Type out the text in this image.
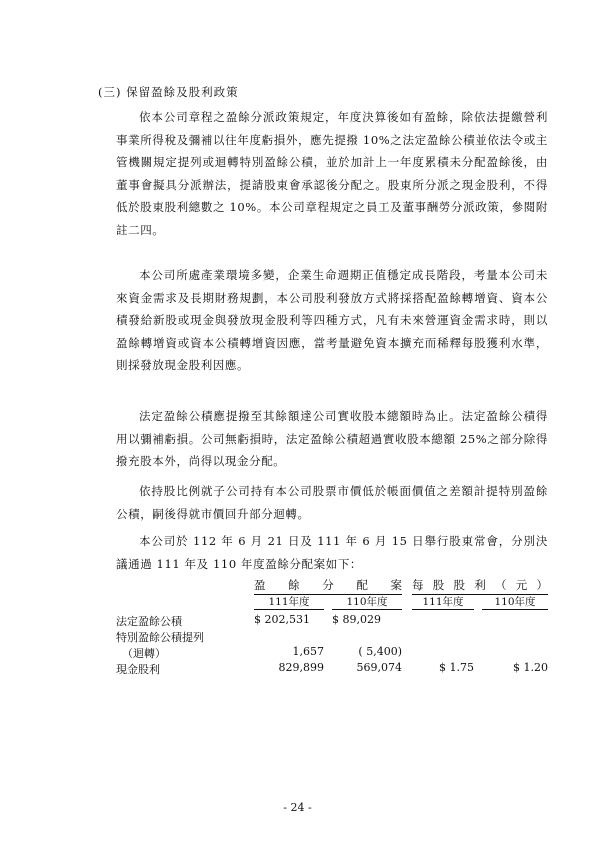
(三) 保留盈餘及股利政策

依本公司章程之盈餘分派政策規定，年度決算後如有盈餘，除依法提繳營利事業所得稅及彌補以往年度虧損外，應先提撥 10%之法定盈餘公積並依法令或主管機關規定提列或迴轉特別盈餘公積，並於加計上一年度累積未分配盈餘後，由董事會擬具分派辦法，提請股東會承認後分配之。股東所分派之現金股利，不得低於股東股利總數之 10%。本公司章程規定之員工及董事酬勞分派政策，參閱附註二四。

本公司所處產業環境多變，企業生命週期正值穩定成長階段，考量本公司未來資金需求及長期財務規劃，本公司股利發放方式將採搭配盈餘轉增資、資本公積發給新股或現金與發放現金股利等四種方式，凡有未來營運資金需求時，則以盈餘轉增資或資本公積轉增資因應，當考量避免資本擴充而稀釋每股獲利水準，則採發放現金股利因應。

法定盈餘公積應提撥至其餘額達公司實收股本總額時為止。法定盈餘公積得用以彌補虧損。公司無虧損時，法定盈餘公積超過實收股本總額 25%之部分除得撥充股本外，尚得以現金分配。

依持股比例就子公司持有本公司股票市價低於帳面價值之差額計提特別盈餘公積，嗣後得就市價回升部分迴轉。

本公司於 112 年 6 月 21 日及 111 年 6 月 15 日舉行股東常會，分別決議通過 111 年及 110 年度盈餘分配案如下：

盈 餘 分 配 案 每 股 股 利 （ 元 ）
111年度	110年度	111年度	110年度
法定盈餘公積	$ 202,531	$ 89,029
特別盈餘公積提列
（迴轉）	1,657	( 5,400)
現金股利	829,899	569,074	$ 1.75	$ 1.20
- 24 -
